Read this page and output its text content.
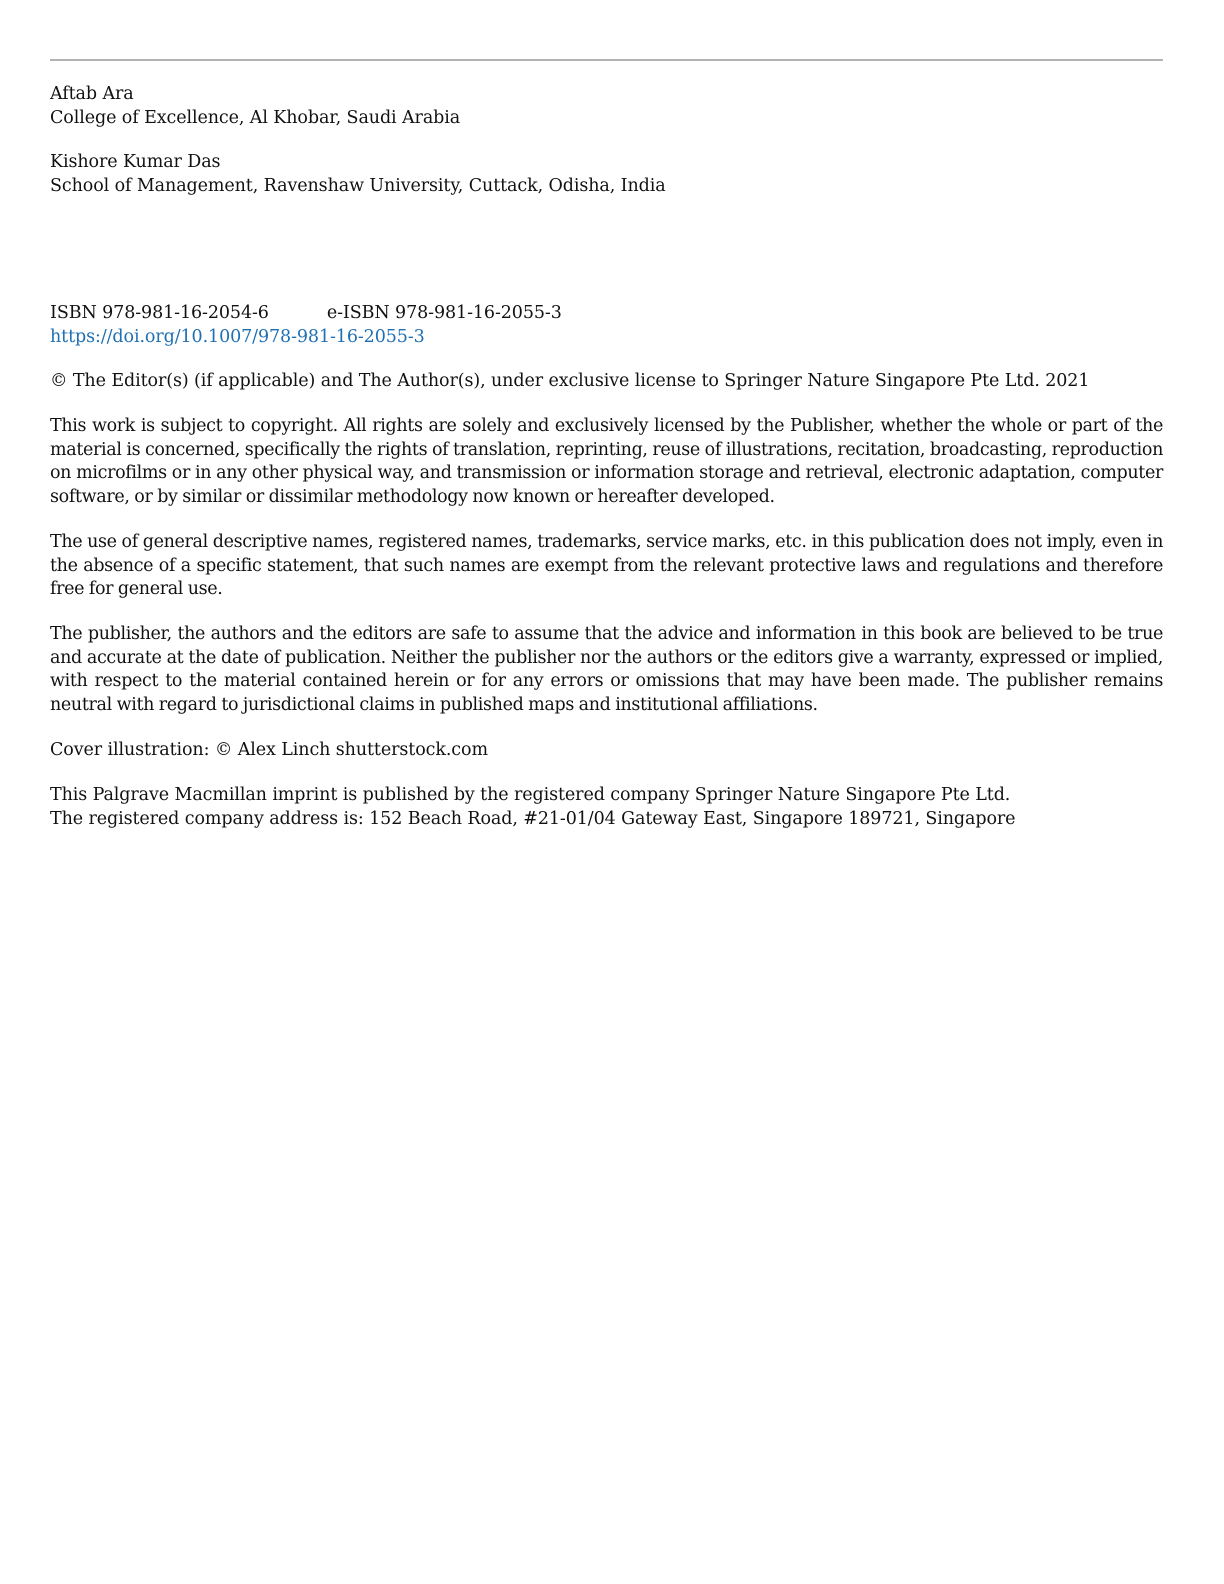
Aftab Ara
College of Excellence, Al Khobar, Saudi Arabia
Kishore Kumar Das
School of Management, Ravenshaw University, Cuttack, Odisha, India
ISBN 978-981-16-2054-6	e-ISBN 978-981-16-2055-3
https://doi.org/10.1007/978-981-16-2055-3
© The Editor(s) (if applicable) and The Author(s), under exclusive license to Springer Nature Singapore Pte Ltd. 2021
This work is subject to copyright. All rights are solely and exclusively licensed by the Publisher, whether the whole or part of the material is concerned, specifically the rights of translation, reprinting, reuse of illustrations, recitation, broadcasting, reproduction on microfilms or in any other physical way, and transmission or information storage and retrieval, electronic adaptation, computer software, or by similar or dissimilar methodology now known or hereafter developed.
The use of general descriptive names, registered names, trademarks, service marks, etc. in this publication does not imply, even in the absence of a specific statement, that such names are exempt from the relevant protective laws and regulations and therefore free for general use.
The publisher, the authors and the editors are safe to assume that the advice and information in this book are believed to be true and accurate at the date of publication. Neither the publisher nor the authors or the editors give a warranty, expressed or implied, with respect to the material contained herein or for any errors or omissions that may have been made. The publisher remains neutral with regard to jurisdictional claims in published maps and institutional affiliations.
Cover illustration: © Alex Linch shutterstock.com
This Palgrave Macmillan imprint is published by the registered company Springer Nature Singapore Pte Ltd.
The registered company address is: 152 Beach Road, #21-01/04 Gateway East, Singapore 189721, Singapore
